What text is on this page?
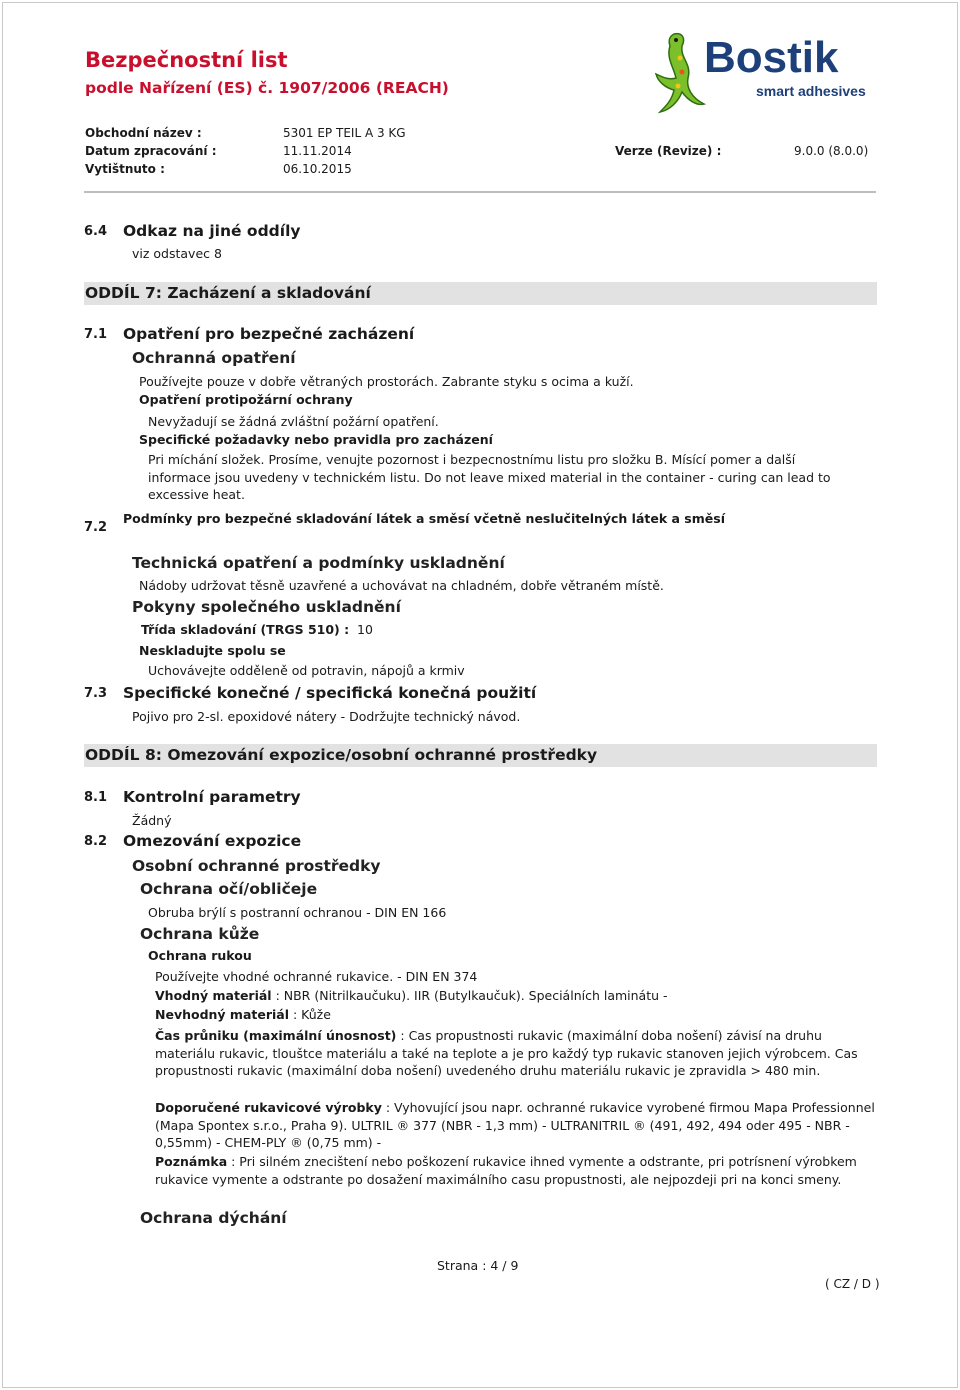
Bezpečnostní list
podle Nařízení (ES) č. 1907/2006 (REACH)
Bostik
smart adhesives
Obchodní název :	5301 EP TEIL A 3 KG
Datum zpracování :	11.11.2014	Verze (Revize) :	9.0.0 (8.0.0)
Vytištnuto :	06.10.2015
6.4 Odkaz na jiné oddíly
viz odstavec 8
ODDÍL 7: Zacházení a skladování
7.1 Opatření pro bezpečné zacházení
Ochranná opatření
Používejte pouze v dobře větraných prostorách. Zabrante styku s ocima a kuží.
Opatření protipožární ochrany
Nevyžadují se žádná zvláštní požární opatření.
Specifické požadavky nebo pravidla pro zacházení
Pri míchání složek. Prosíme, venujte pozornost i bezpecnostnímu listu pro složku B. Mísící pomer a další informace jsou uvedeny v technickém listu. Do not leave mixed material in the container - curing can lead to excessive heat.
7.2
Podmínky pro bezpečné skladování látek a směsí včetně neslučitelných látek a směsí
Technická opatření a podmínky uskladnění
Nádoby udržovat těsně uzavřené a uchovávat na chladném, dobře větraném místě.
Pokyny společného uskladnění
Třída skladování (TRGS 510) : 10
Neskladujte spolu se
Uchovávejte odděleně od potravin, nápojů a krmiv
7.3 Specifické konečné / specifická konečná použití
Pojivo pro 2-sl. epoxidové nátery - Dodržujte technický návod.
ODDÍL 8: Omezování expozice/osobní ochranné prostředky
8.1 Kontrolní parametry
Žádný
8.2 Omezování expozice
Osobní ochranné prostředky
Ochrana očí/obličeje
Obruba brýlí s postranní ochranou - DIN EN 166
Ochrana kůže
Ochrana rukou
Používejte vhodné ochranné rukavice. - DIN EN 374
Vhodný materiál : NBR (Nitrilkaučuku). IIR (Butylkaučuk). Speciálních laminátu -
Nevhodný materiál : Kůže
Čas průniku (maximální únosnost) : Cas propustnosti rukavic (maximální doba nošení) závisí na druhu materiálu rukavic, tlouštce materiálu a také na teplote a je pro každý typ rukavic stanoven jejich výrobcem. Cas propustnosti rukavic (maximální doba nošení) uvedeného druhu materiálu rukavic je zpravidla > 480 min.
Doporučené rukavicové výrobky : Vyhovující jsou napr. ochranné rukavice vyrobené firmou Mapa Professionnel (Mapa Spontex s.r.o., Praha 9). ULTRIL ® 377 (NBR - 1,3 mm) - ULTRANITRIL ® (491, 492, 494 oder 495 - NBR - 0,55mm) - CHEM-PLY ® (0,75 mm) -
Poznámka : Pri silném znecištení nebo poškození rukavice ihned vymente a odstrante, pri potrísnení výrobkem rukavice vymente a odstrante po dosažení maximálního casu propustnosti, ale nejpozdeji pri na konci smeny.
Ochrana dýchání
Strana : 4 / 9
( CZ / D )
